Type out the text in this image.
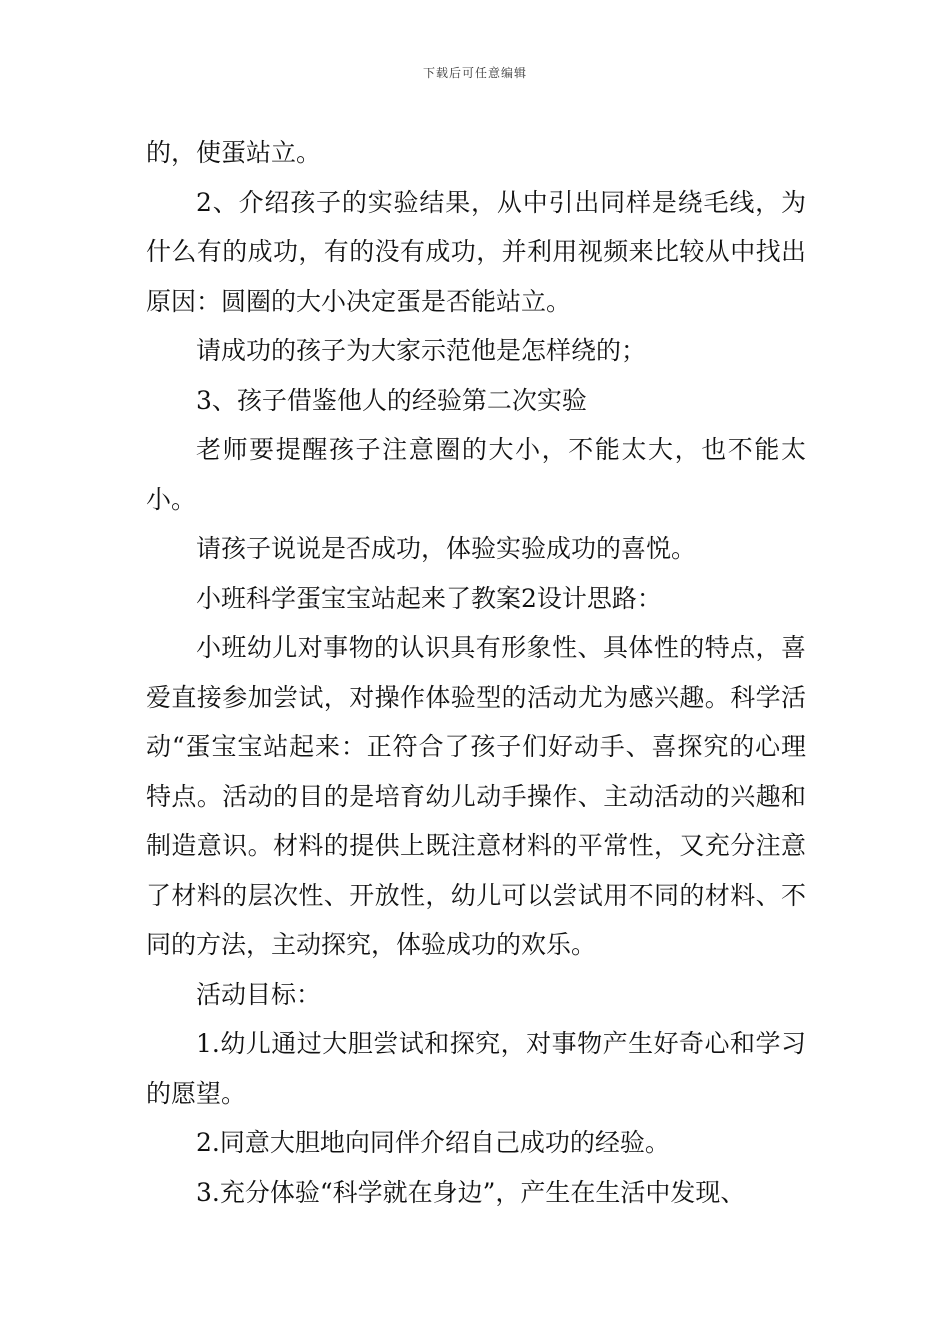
下载后可任意编辑

的，使蛋站立。

2、介绍孩子的实验结果，从中引出同样是绕毛线，为什么有的成功，有的没有成功，并利用视频来比较从中找出原因：圆圈的大小决定蛋是否能站立。

请成功的孩子为大家示范他是怎样绕的；

3、孩子借鉴他人的经验第二次实验

老师要提醒孩子注意圈的大小，不能太大，也不能太小。

请孩子说说是否成功，体验实验成功的喜悦。

小班科学蛋宝宝站起来了教案2设计思路：

小班幼儿对事物的认识具有形象性、具体性的特点，喜爱直接参加尝试，对操作体验型的活动尤为感兴趣。科学活动“蛋宝宝站起来：正符合了孩子们好动手、喜探究的心理特点。活动的目的是培育幼儿动手操作、主动活动的兴趣和制造意识。材料的提供上既注意材料的平常性，又充分注意了材料的层次性、开放性，幼儿可以尝试用不同的材料、不同的方法，主动探究，体验成功的欢乐。

活动目标：

1.幼儿通过大胆尝试和探究，对事物产生好奇心和学习的愿望。

2.同意大胆地向同伴介绍自己成功的经验。

3.充分体验“科学就在身边”，产生在生活中发现、
